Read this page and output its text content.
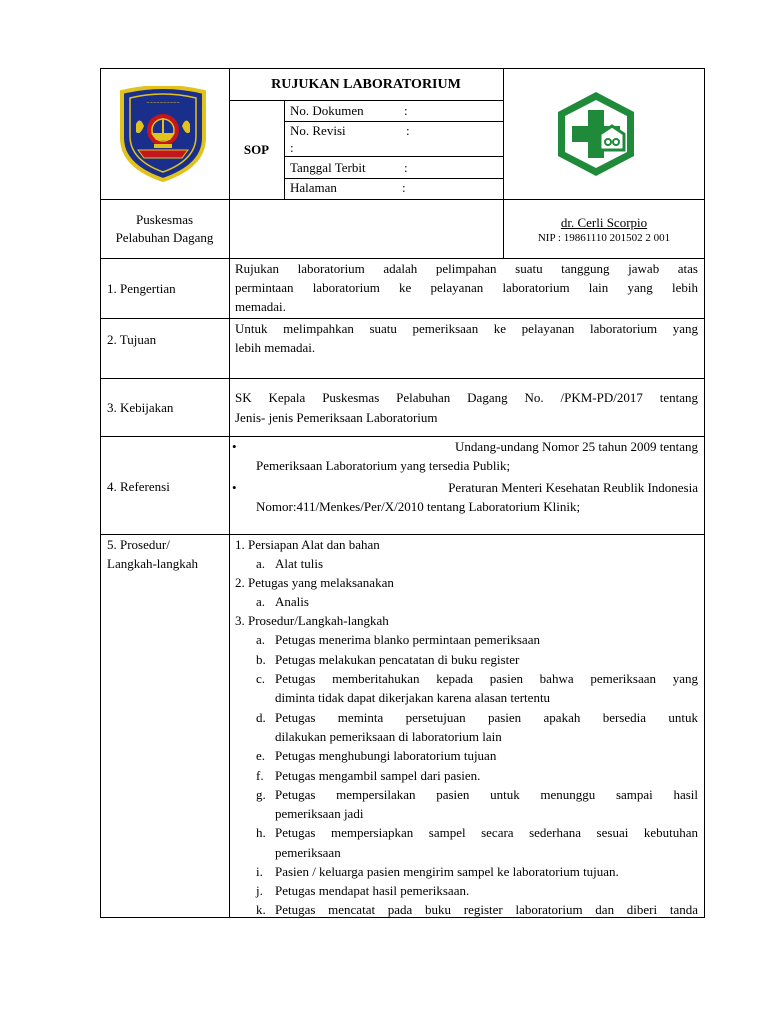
~~~~~~~~~~
RUJUKAN LABORATORIUM
SOP
No. Dokumen	:
No. Revisi	:
:
Tanggal Terbit	:
Halaman	:
Puskesmas
Pelabuhan Dagang
dr. Cerli Scorpio
NIP : 19861110 201502 2 001
1. Pengertian
Rujukan laboratorium adalah pelimpahan suatu tanggung jawab atas
permintaan laboratorium ke pelayanan laboratorium lain yang lebih
memadai.
2. Tujuan
Untuk melimpahkan suatu pemeriksaan ke pelayanan laboratorium yang
lebih memadai.
3. Kebijakan
SK Kepala Puskesmas Pelabuhan Dagang No. /PKM-PD/2017 tentang
Jenis- jenis Pemeriksaan Laboratorium
4. Referensi
•	Undang-undang Nomor 25 tahun 2009 tentang
Pemeriksaan Laboratorium yang tersedia Publik;
•	Peraturan Menteri Kesehatan Reublik Indonesia
Nomor:411/Menkes/Per/X/2010 tentang Laboratorium Klinik;
5. Prosedur/
Langkah-langkah
1. Persiapan Alat dan bahan
a. Alat tulis
2. Petugas yang melaksanakan
a. Analis
3. Prosedur/Langkah-langkah
a. Petugas menerima blanko permintaan pemeriksaan
b. Petugas melakukan pencatatan di buku register
c. Petugas memberitahukan kepada pasien bahwa pemeriksaan yang
diminta tidak dapat dikerjakan karena alasan tertentu
d. Petugas meminta persetujuan pasien apakah bersedia untuk
dilakukan pemeriksaan di laboratorium lain
e. Petugas menghubungi laboratorium tujuan
f. Petugas mengambil sampel dari pasien.
g. Petugas mempersilakan pasien untuk menunggu sampai hasil
pemeriksaan jadi
h. Petugas mempersiapkan sampel secara sederhana sesuai kebutuhan
pemeriksaan
i. Pasien / keluarga pasien mengirim sampel ke laboratorium tujuan.
j. Petugas mendapat hasil pemeriksaan.
k. Petugas mencatat pada buku register laboratorium dan diberi tanda
